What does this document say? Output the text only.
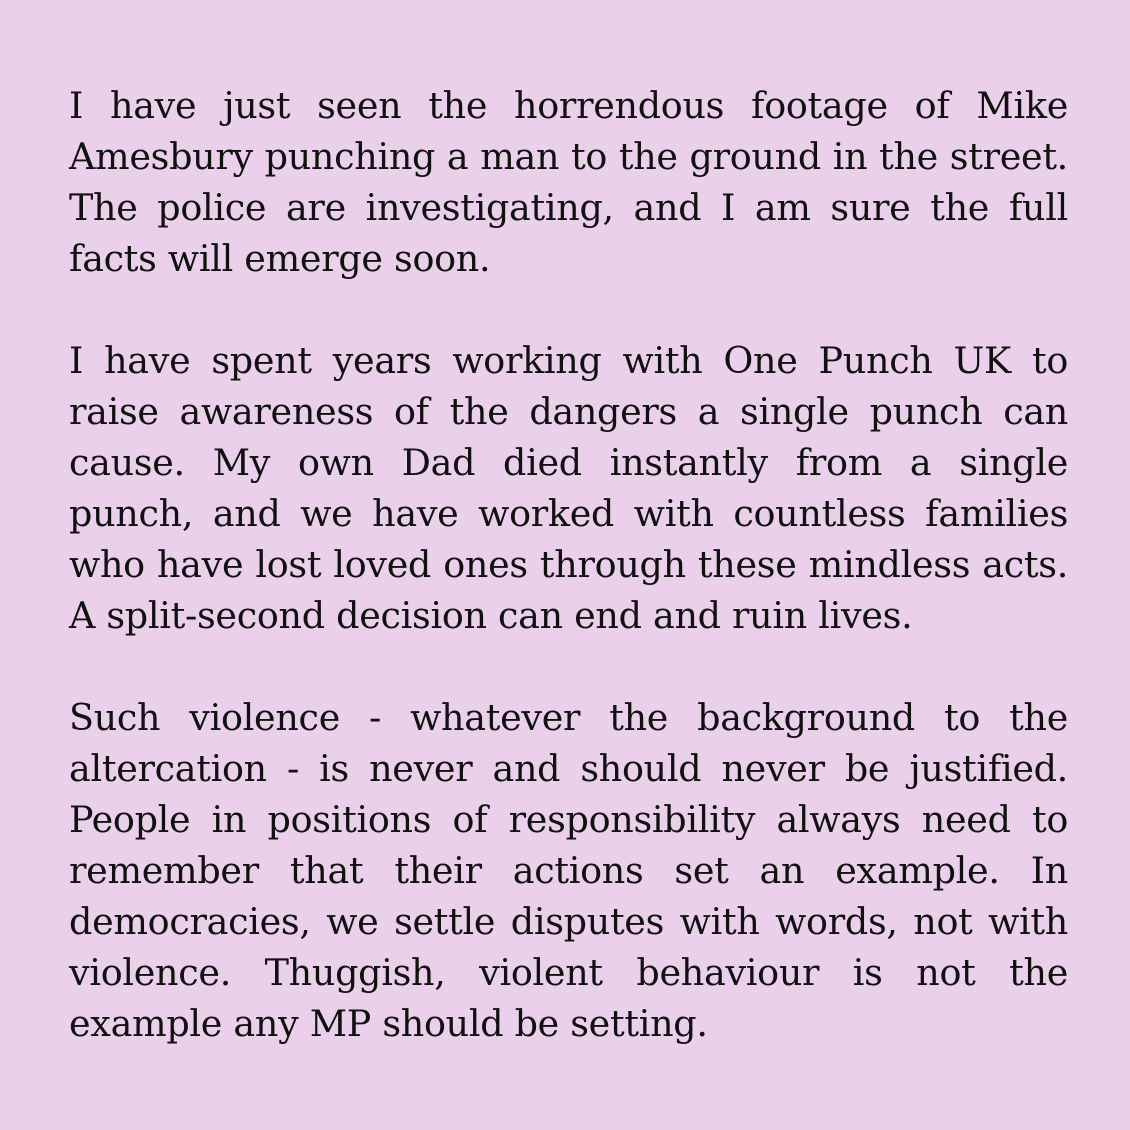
I have just seen the horrendous footage of Mike Amesbury punching a man to the ground in the street. The police are investigating, and I am sure the full facts will emerge soon.

I have spent years working with One Punch UK to raise awareness of the dangers a single punch can cause. My own Dad died instantly from a single punch, and we have worked with countless families who have lost loved ones through these mindless acts. A split-second decision can end and ruin lives.

Such violence - whatever the background to the altercation - is never and should never be justified. People in positions of responsibility always need to remember that their actions set an example. In democracies, we settle disputes with words, not with violence. Thuggish, violent behaviour is not the example any MP should be setting.
